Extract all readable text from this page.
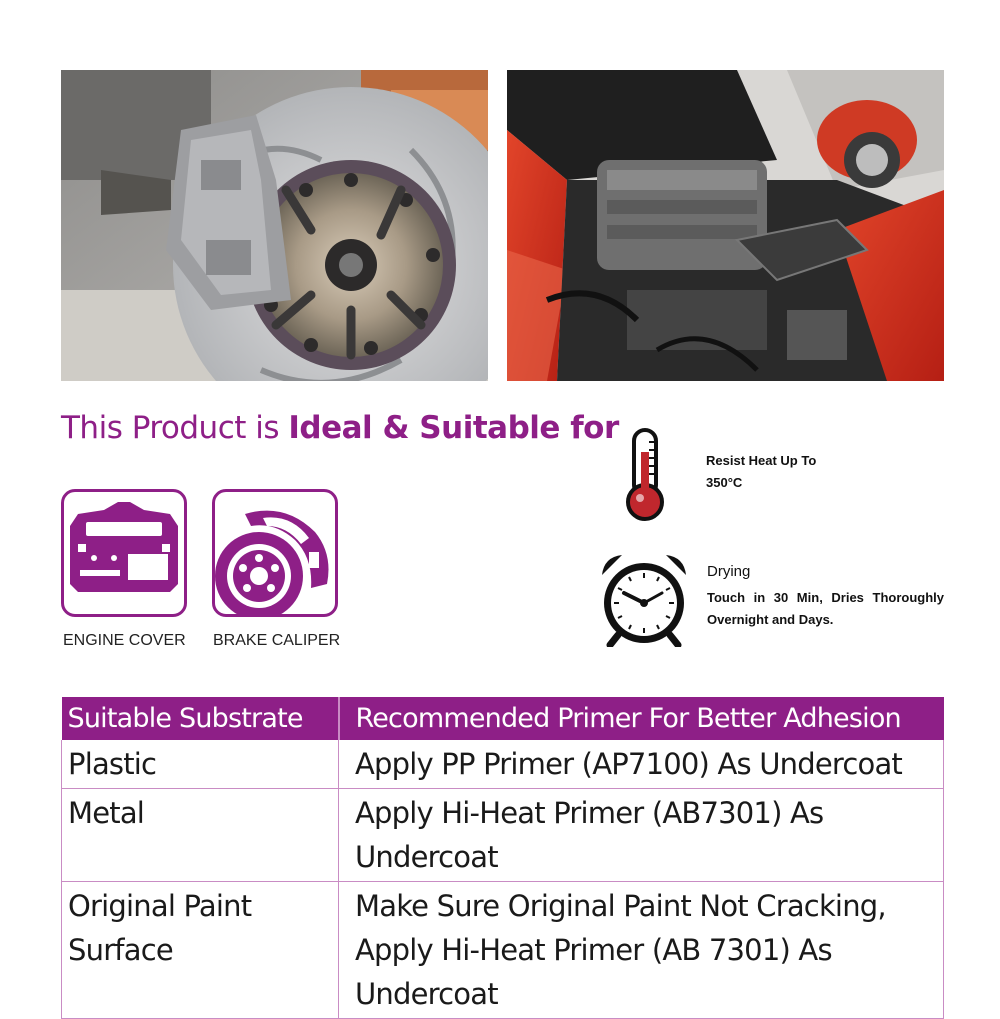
This Product is Ideal & Suitable for
ENGINE COVER BRAKE CALIPER
Resist Heat Up To
350°C
Drying
Touch in 30 Min, Dries Thoroughly Overnight and Days.
Suitable Substrate	Recommended Primer For Better Adhesion
Plastic	Apply PP Primer (AP7100) As Undercoat
Metal	Apply Hi-Heat Primer (AB7301) As Undercoat
Original Paint Surface	Make Sure Original Paint Not Cracking, Apply Hi-Heat Primer (AB 7301) As Undercoat
